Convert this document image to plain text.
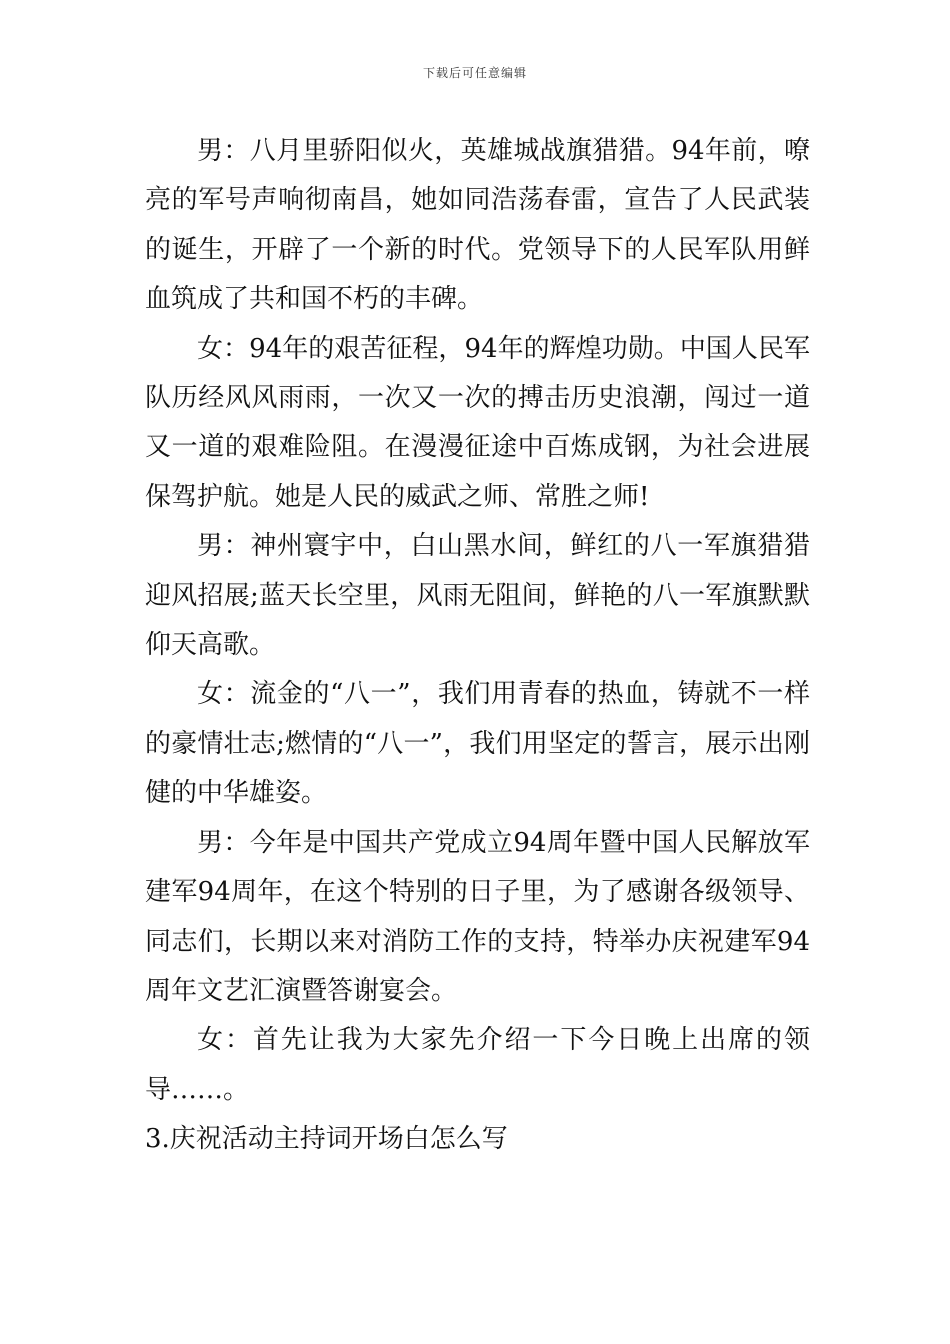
下载后可任意编辑

男：八月里骄阳似火，英雄城战旗猎猎。94年前，嘹亮的军号声响彻南昌，她如同浩荡春雷，宣告了人民武装的诞生，开辟了一个新的时代。党领导下的人民军队用鲜血筑成了共和国不朽的丰碑。

女：94年的艰苦征程，94年的辉煌功勋。中国人民军队历经风风雨雨，一次又一次的搏击历史浪潮，闯过一道又一道的艰难险阻。在漫漫征途中百炼成钢，为社会进展保驾护航。她是人民的威武之师、常胜之师!

男：神州寰宇中，白山黑水间，鲜红的八一军旗猎猎迎风招展;蓝天长空里，风雨无阻间，鲜艳的八一军旗默默仰天高歌。

女：流金的“八一”，我们用青春的热血，铸就不一样的豪情壮志;燃情的“八一”，我们用坚定的誓言，展示出刚健的中华雄姿。

男：今年是中国共产党成立94周年暨中国人民解放军建军94周年，在这个特别的日子里，为了感谢各级领导、同志们，长期以来对消防工作的支持，特举办庆祝建军94周年文艺汇演暨答谢宴会。

女：首先让我为大家先介绍一下今日晚上出席的领导……。

3.庆祝活动主持词开场白怎么写
